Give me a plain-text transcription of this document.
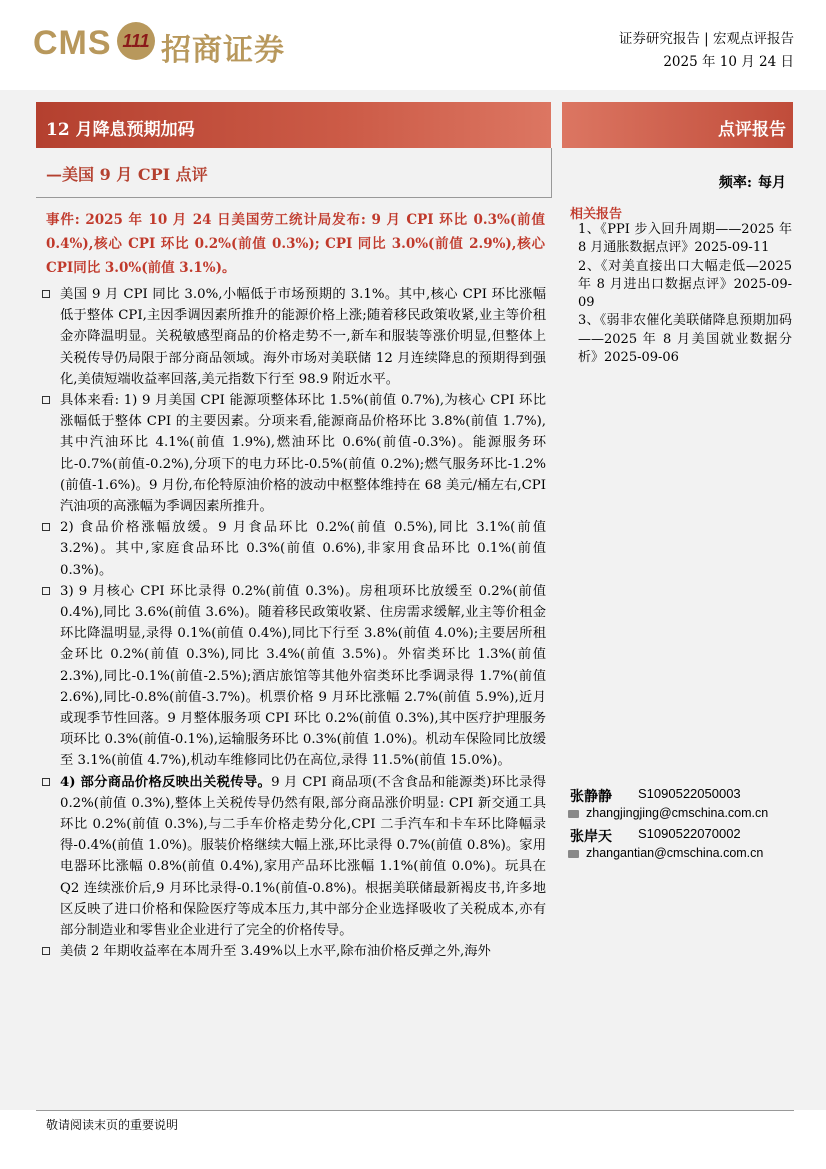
CMS 111 招商证券	证券研究报告 | 宏观点评报告
2025 年 10 月 24 日
12 月降息预期加码	点评报告
—美国 9 月 CPI 点评	频率: 每月
事件: 2025 年 10 月 24 日美国劳工统计局发布: 9 月 CPI 环比 0.3%(前值 0.4%),核心 CPI 环比 0.2%(前值 0.3%); CPI 同比 3.0%(前值 2.9%),核心 CPI同比 3.0%(前值 3.1%)。

美国 9 月 CPI 同比 3.0%,小幅低于市场预期的 3.1%。其中,核心 CPI 环比涨幅低于整体 CPI,主因季调因素所推升的能源价格上涨;随着移民政策收紧,业主等价租金亦降温明显。关税敏感型商品的价格走势不一,新车和服装等涨价明显,但整体上关税传导仍局限于部分商品领域。海外市场对美联储 12 月连续降息的预期得到强化,美债短端收益率回落,美元指数下行至 98.9 附近水平。

具体来看: 1) 9 月美国 CPI 能源项整体环比 1.5%(前值 0.7%),为核心 CPI 环比涨幅低于整体 CPI 的主要因素。分项来看,能源商品价格环比 3.8%(前值 1.7%),其中汽油环比 4.1%(前值 1.9%),燃油环比 0.6%(前值-0.3%)。能源服务环比-0.7%(前值-0.2%),分项下的电力环比-0.5%(前值 0.2%);燃气服务环比-1.2%(前值-1.6%)。9 月份,布伦特原油价格的波动中枢整体维持在 68 美元/桶左右,CPI 汽油项的高涨幅为季调因素所推升。

2) 食品价格涨幅放缓。9 月食品环比 0.2%(前值 0.5%),同比 3.1%(前值 3.2%)。其中,家庭食品环比 0.3%(前值 0.6%),非家用食品环比 0.1%(前值 0.3%)。

3) 9 月核心 CPI 环比录得 0.2%(前值 0.3%)。房租项环比放缓至 0.2%(前值 0.4%),同比 3.6%(前值 3.6%)。随着移民政策收紧、住房需求缓解,业主等价租金环比降温明显,录得 0.1%(前值 0.4%),同比下行至 3.8%(前值 4.0%);主要居所租金环比 0.2%(前值 0.3%),同比 3.4%(前值 3.5%)。外宿类环比 1.3%(前值 2.3%),同比-0.1%(前值-2.5%);酒店旅馆等其他外宿类环比季调录得 1.7%(前值 2.6%),同比-0.8%(前值-3.7%)。机票价格 9 月环比涨幅 2.7%(前值 5.9%),近月或现季节性回落。9 月整体服务项 CPI 环比 0.2%(前值 0.3%),其中医疗护理服务项环比 0.3%(前值-0.1%),运输服务环比 0.3%(前值 1.0%)。机动车保险同比放缓至 3.1%(前值 4.7%),机动车维修同比仍在高位,录得 11.5%(前值 15.0%)。

4) 部分商品价格反映出关税传导。9 月 CPI 商品项(不含食品和能源类)环比录得 0.2%(前值 0.3%),整体上关税传导仍然有限,部分商品涨价明显: CPI 新交通工具环比 0.2%(前值 0.3%),与二手车价格走势分化,CPI 二手汽车和卡车环比降幅录得-0.4%(前值 1.0%)。服装价格继续大幅上涨,环比录得 0.7%(前值 0.8%)。家用电器环比涨幅 0.8%(前值 0.4%),家用产品环比涨幅 1.1%(前值 0.0%)。玩具在 Q2 连续涨价后,9 月环比录得-0.1%(前值-0.8%)。根据美联储最新褐皮书,许多地区反映了进口价格和保险医疗等成本压力,其中部分企业选择吸收了关税成本,亦有部分制造业和零售业企业进行了完全的价格传导。

美债 2 年期收益率在本周升至 3.49%以上水平,除布油价格反弹之外,海外

相关报告

1、《PPI 步入回升周期——2025 年 8 月通胀数据点评》2025-09-11

2、《对美直接出口大幅走低—2025 年 8 月进出口数据点评》2025-09-09

3、《弱非农催化美联储降息预期加码——2025 年 8 月美国就业数据分析》2025-09-06

张静静 S1090522050003
zhangjingjing@cmschina.com.cn
张岸天 S1090522070002
zhangantian@cmschina.com.cn
敬请阅读末页的重要说明
